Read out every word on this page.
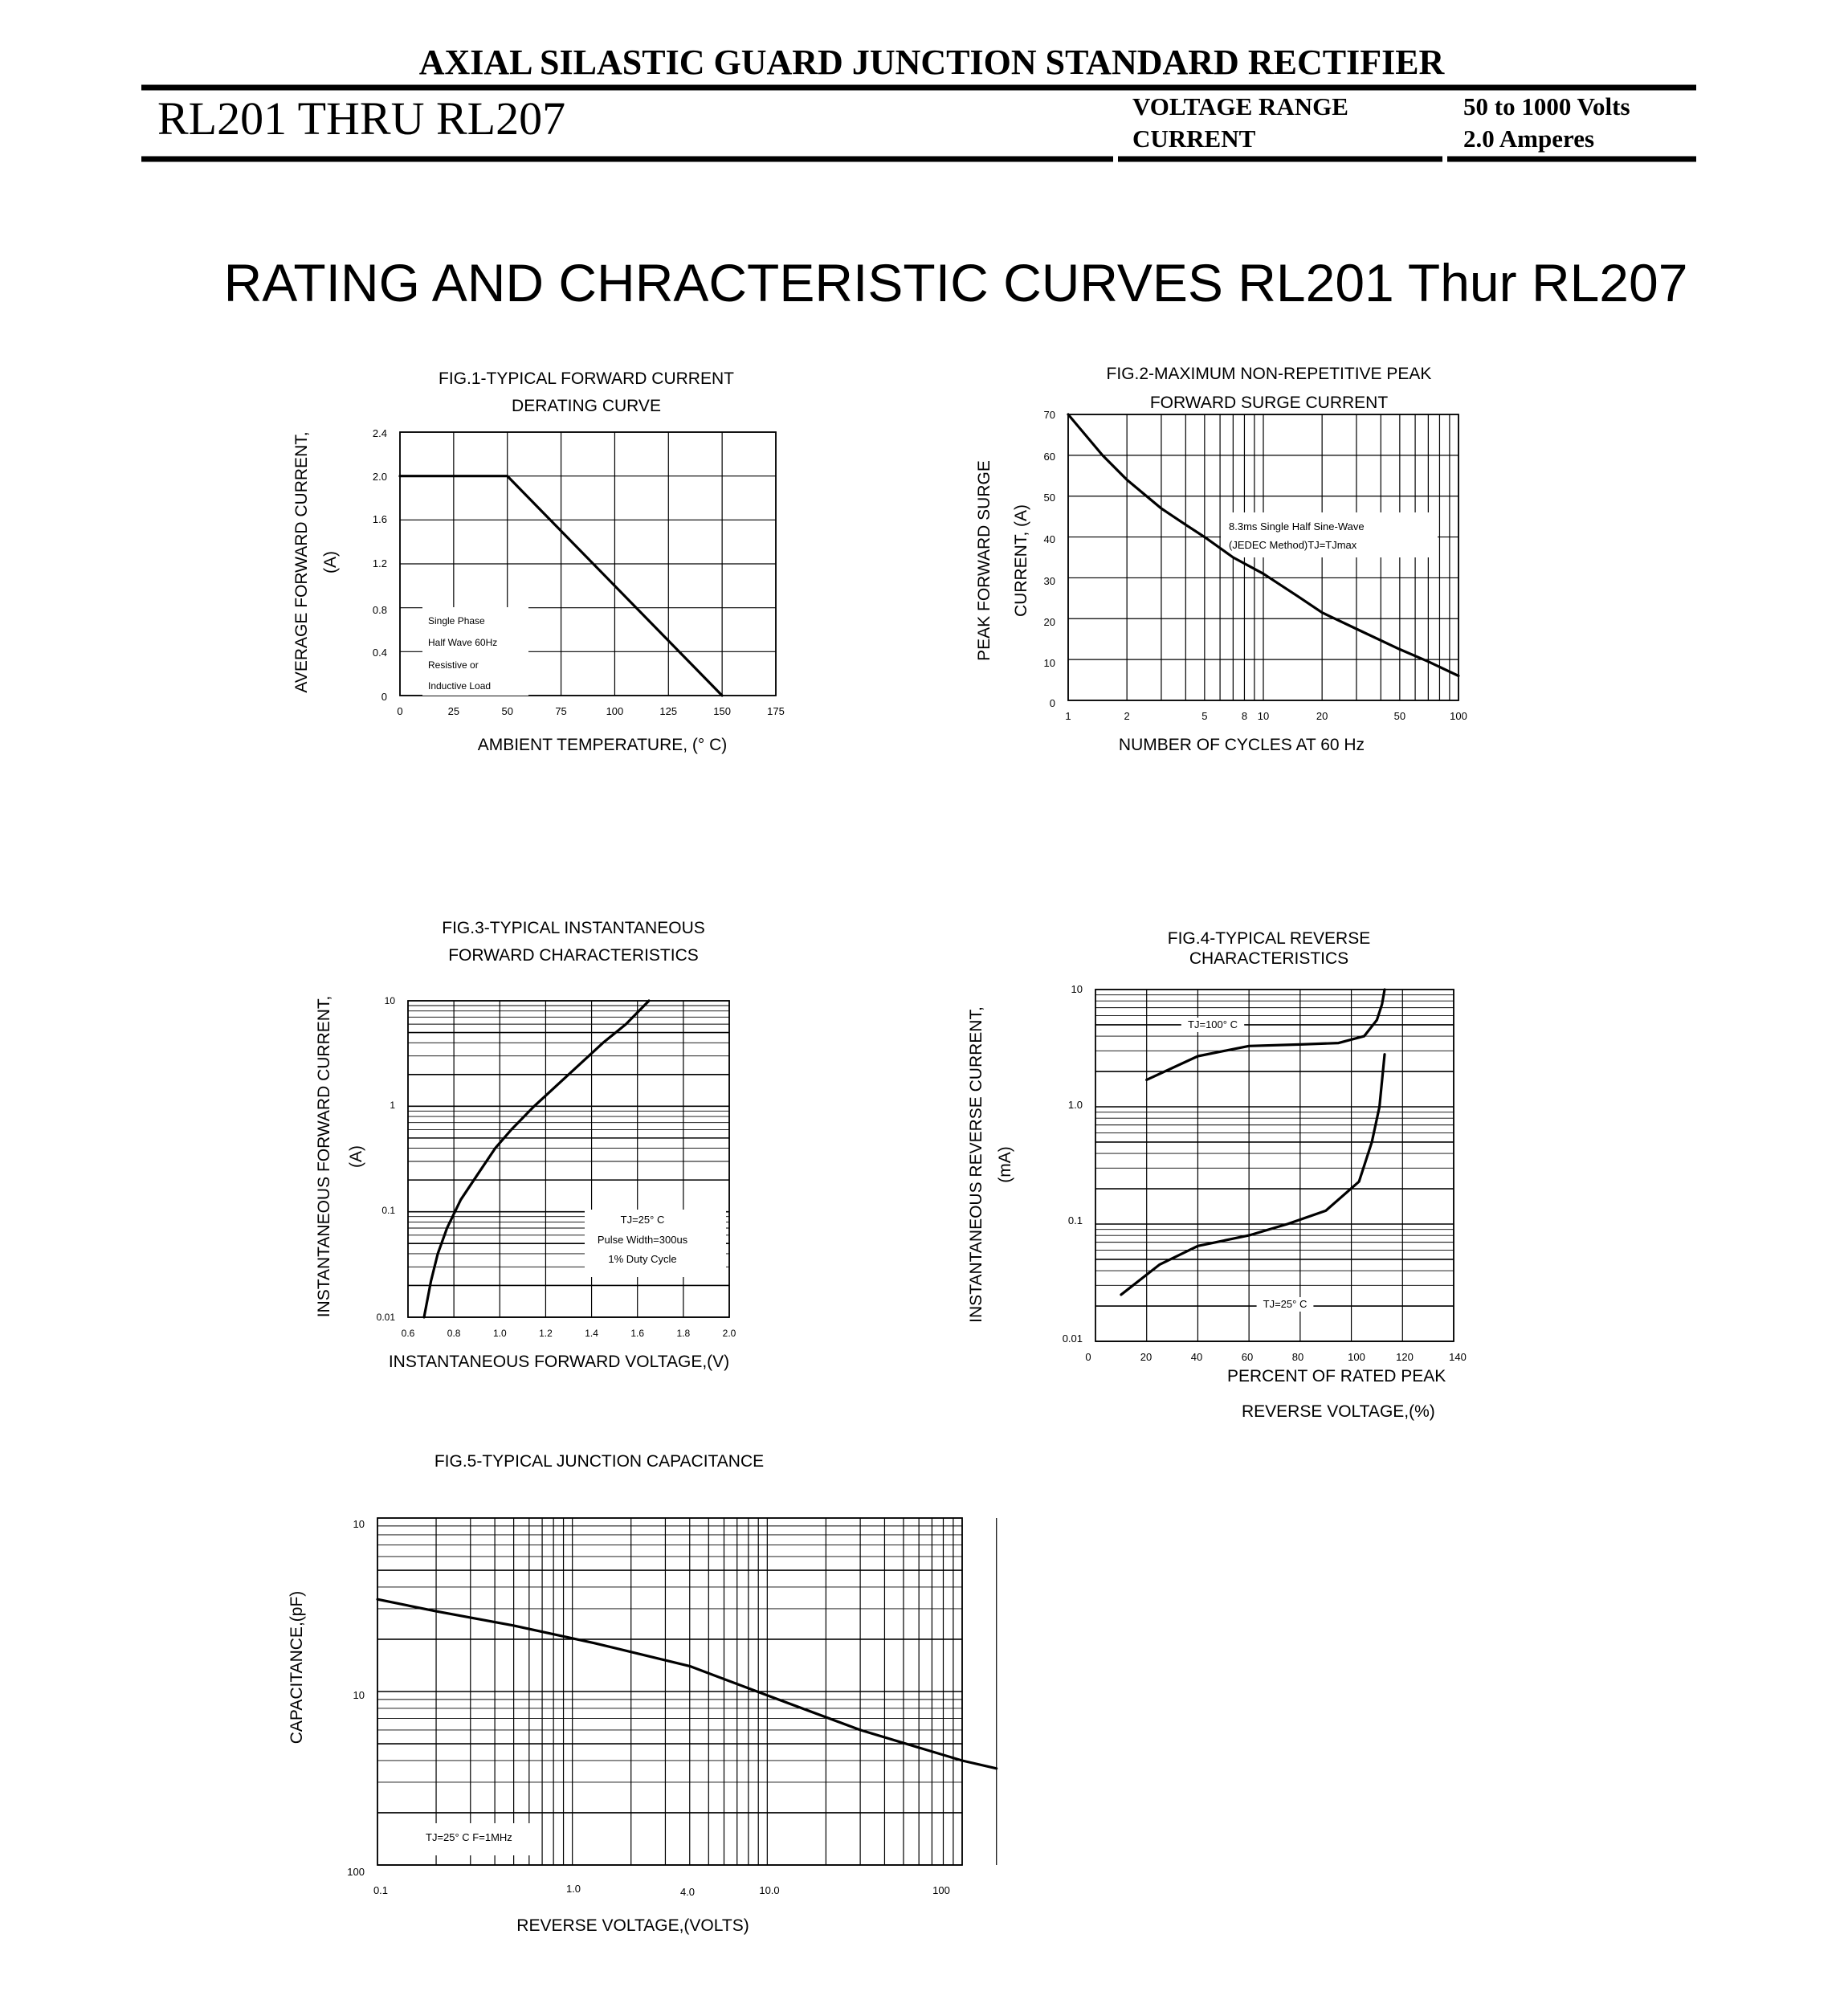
AXIAL SILASTIC GUARD JUNCTION STANDARD RECTIFIER
RL201 THRU RL207	VOLTAGE RANGE	50 to 1000 Volts
CURRENT	2.0 Amperes
RATING AND CHRACTERISTIC CURVES RL201 Thur RL207
FIG.1-TYPICAL FORWARD CURRENT
DERATING CURVE
AMBIENT TEMPERATURE, (° C)
AVERAGE FORWARD CURRENT, (A)
Single Phase
Half Wave 60Hz
Resistive or
Inductive Load
0	25	50	75	100	125	150	175
0
0.4
0.8
1.2
1.6
2.0
2.4
FIG.2-MAXIMUM NON-REPETITIVE PEAK
FORWARD SURGE CURRENT
NUMBER OF CYCLES AT 60 Hz
PEAK FORWARD SURGE CURRENT, (A)	8.3ms Single Half Sine-Wave
(JEDEC Method)TJ=TJmax
1	2	5	8 10	20	50	100
0
10
20
30
40
50
60
70
FIG.3-TYPICAL INSTANTANEOUS
FORWARD CHARACTERISTICS
INSTANTANEOUS FORWARD VOLTAGE,(V)
INSTANTANEOUS FORWARD CURRENT, (A)
TJ=25° C
Pulse Width=300us
1% Duty Cycle
0.6	0.8	1.0	1.2	1.4	1.6	1.8	2.0
0.01
0.1
1
10
FIG.4-TYPICAL REVERSE
CHARACTERISTICS
PERCENT OF RATED PEAK
REVERSE VOLTAGE,(%)
INSTANTANEOUS REVERSE CURRENT, (mA)
0	20	40	60	80	100	120	140
0.01
0.1
1.0
10
TJ=100° C
TJ=25° C
FIG.5-TYPICAL JUNCTION CAPACITANCE
REVERSE VOLTAGE,(VOLTS)
CAPACITANCE,(pF)
TJ=25° C F=1MHz
0.1	1.0	4.0	10.0	100
10
10
100
